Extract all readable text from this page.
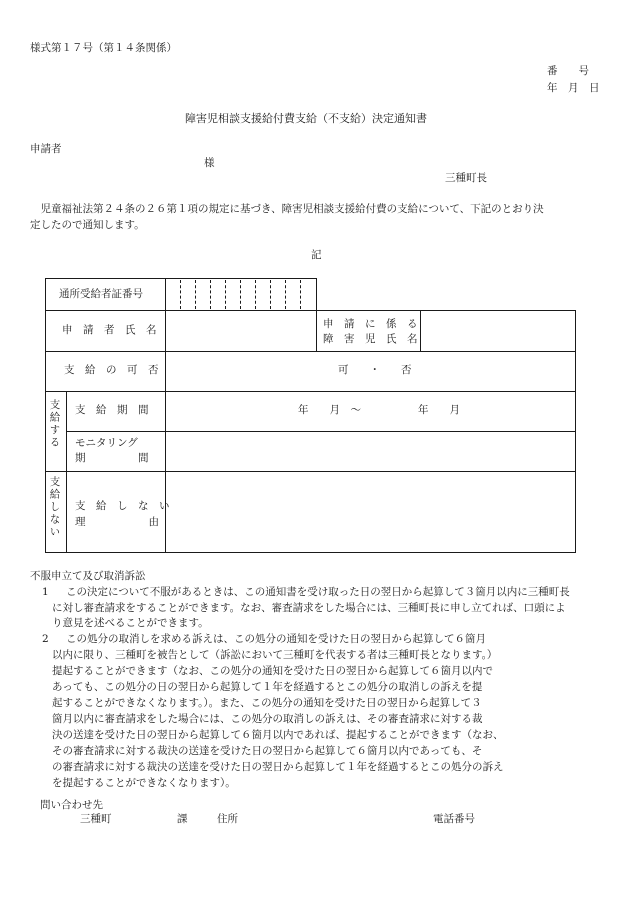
様式第１７号（第１４条関係）
番　　号
年　月　日
障害児相談支援給付費支給（不支給）決定通知書
申請者
様
三種町長
　児童福祉法第２４条の２６第１項の規定に基づき、障害児相談支援給付費の支給について、下記のとおり決
定したので通知します。
記
通所受給者証番号
申　請　者　氏　名	申　請　に　係　る
障　害　児　氏　名
支　給　の　可　否	可　　・　　否
支給する 支　給　期　間	年　　月　～	年　　月
モニタリング
期　　　　　間
支給しない 支　給　し　な　い
理　　　　　　由
不服申立て及び取消訴訟
1 この決定について不服があるときは、この通知書を受け取った日の翌日から起算して３箇月以内に三種町長
に対し審査請求をすることができます。なお、審査請求をした場合には、三種町長に申し立てれば、口頭によ
り意見を述べることができます。
2 この処分の取消しを求める訴えは、この処分の通知を受けた日の翌日から起算して６箇月
以内に限り、三種町を被告として（訴訟において三種町を代表する者は三種町長となります。）
提起することができます（なお、この処分の通知を受けた日の翌日から起算して６箇月以内で
あっても、この処分の日の翌日から起算して１年を経過するとこの処分の取消しの訴えを提
起することができなくなります。）。また、この処分の通知を受けた日の翌日から起算して３
箇月以内に審査請求をした場合には、この処分の取消しの訴えは、その審査請求に対する裁
決の送達を受けた日の翌日から起算して６箇月以内であれば、提起することができます（なお、
その審査請求に対する裁決の送達を受けた日の翌日から起算して６箇月以内であっても、そ
の審査請求に対する裁決の送達を受けた日の翌日から起算して１年を経過するとこの処分の訴え
を提起することができなくなります）。
問い合わせ先
三種町	課	住所	電話番号
